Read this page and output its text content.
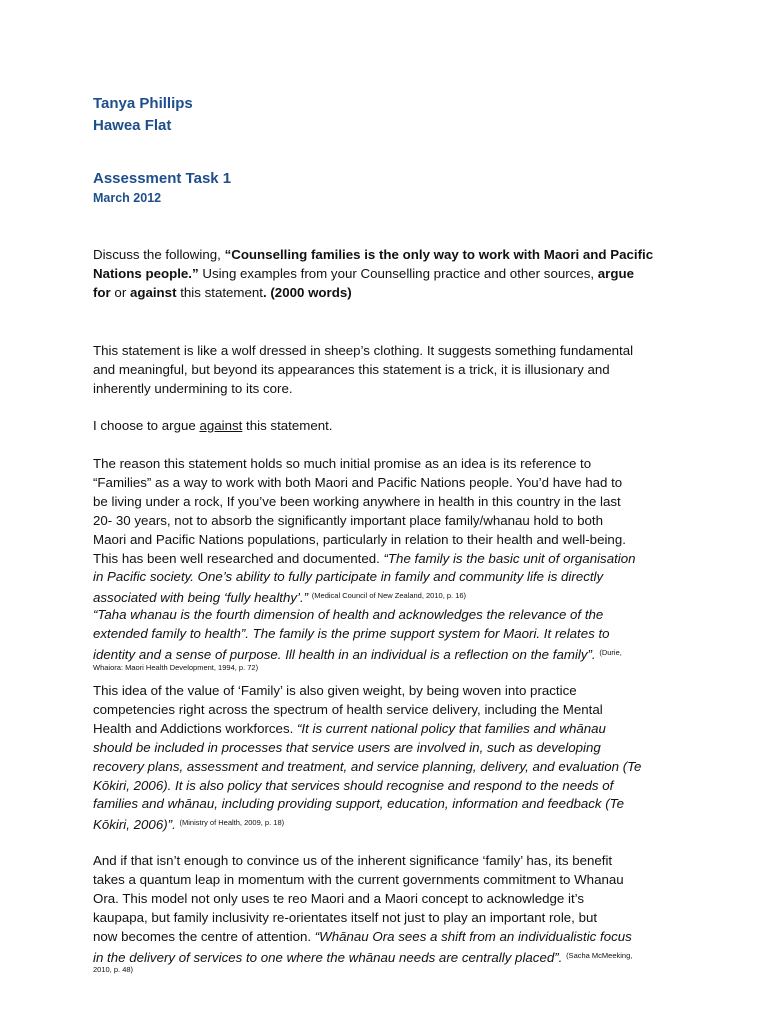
Tanya Phillips
Hawea Flat
Assessment Task 1
March 2012
Discuss the following, “Counselling families is the only way to work with Maori and Pacific
Nations people.” Using examples from your Counselling practice and other sources, argue
for or against this statement. (2000 words)
This statement is like a wolf dressed in sheep’s clothing. It suggests something fundamental
and meaningful, but beyond its appearances this statement is a trick, it is illusionary and
inherently undermining to its core.
I choose to argue against this statement.
The reason this statement holds so much initial promise as an idea is its reference to
“Families” as a way to work with both Maori and Pacific Nations people. You’d have had to
be living under a rock, If you’ve been working anywhere in health in this country in the last
20- 30 years, not to absorb the significantly important place family/whanau hold to both
Maori and Pacific Nations populations, particularly in relation to their health and well-being.
This has been well researched and documented. “The family is the basic unit of organisation
in Pacific society. One’s ability to fully participate in family and community life is directly
associated with being ‘fully healthy’.” $^{(Medical Council of New Zealand, 2010, p. 16)}$
“Taha whanau is the fourth dimension of health and acknowledges the relevance of the
extended family to health”. The family is the prime support system for Maori. It relates to
identity and a sense of purpose. Ill health in an individual is a reflection on the family”. $^{(Durie,}$
Whaiora: Maori Health Development, 1994, p. 72)
This idea of the value of ‘Family’ is also given weight, by being woven into practice
competencies right across the spectrum of health service delivery, including the Mental
Health and Addictions workforces. “It is current national policy that families and whānau
should be included in processes that service users are involved in, such as developing
recovery plans, assessment and treatment, and service planning, delivery, and evaluation (Te
Kōkiri, 2006). It is also policy that services should recognise and respond to the needs of
families and whānau, including providing support, education, information and feedback (Te
Kōkiri, 2006)”. $^{(Ministry of Health, 2009, p. 18)}$
And if that isn’t enough to convince us of the inherent significance ‘family’ has, its benefit
takes a quantum leap in momentum with the current governments commitment to Whanau
Ora. This model not only uses te reo Maori and a Maori concept to acknowledge it’s
kaupapa, but family inclusivity re-orientates itself not just to play an important role, but
now becomes the centre of attention. “Whānau Ora sees a shift from an individualistic focus
in the delivery of services to one where the whānau needs are centrally placed”. $^{(Sacha McMeeking,}$
2010, p. 48)
